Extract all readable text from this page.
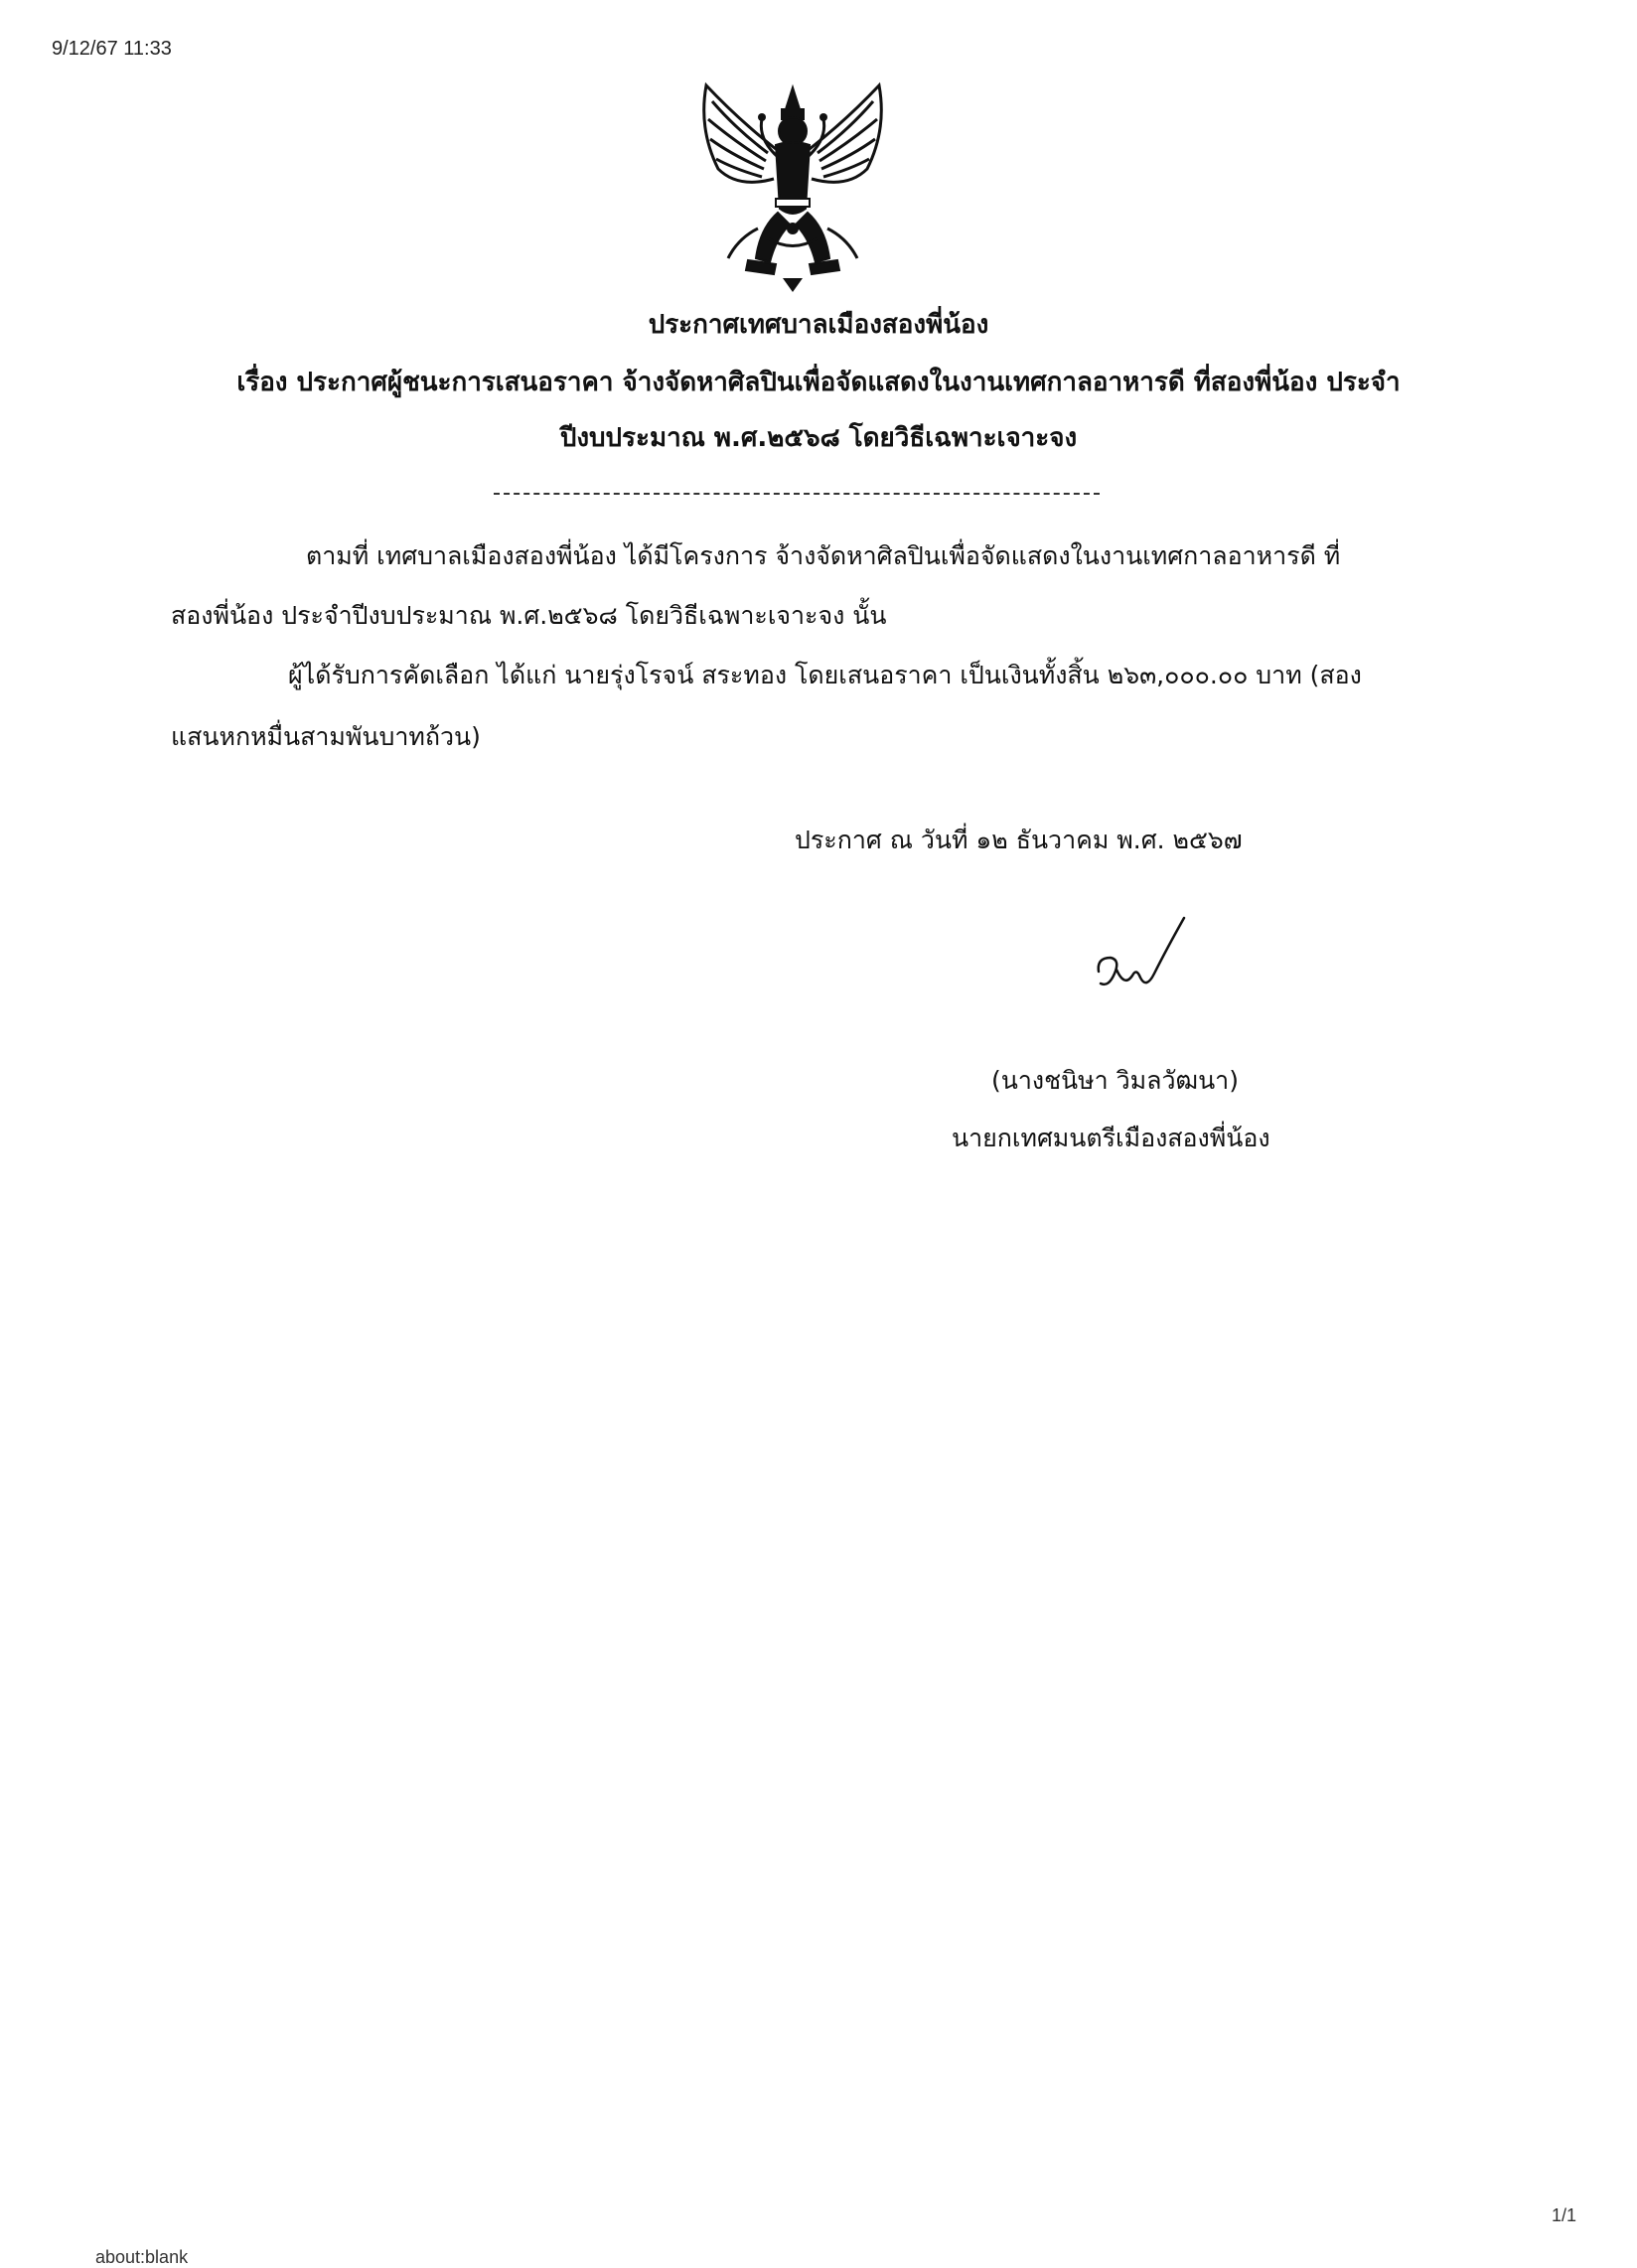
9/12/67 11:33
ประกาศเทศบาลเมืองสองพี่น้อง
เรื่อง ประกาศผู้ชนะการเสนอราคา จ้างจัดหาศิลปินเพื่อจัดแสดงในงานเทศกาลอาหารดี ที่สองพี่น้อง ประจำ
ปีงบประมาณ พ.ศ.๒๕๖๘ โดยวิธีเฉพาะเจาะจง
ตามที่ เทศบาลเมืองสองพี่น้อง ได้มีโครงการ จ้างจัดหาศิลปินเพื่อจัดแสดงในงานเทศกาลอาหารดี ที่
สองพี่น้อง ประจำปีงบประมาณ พ.ศ.๒๕๖๘ โดยวิธีเฉพาะเจาะจง นั้น
ผู้ได้รับการคัดเลือก ได้แก่ นายรุ่งโรจน์ สระทอง โดยเสนอราคา เป็นเงินทั้งสิ้น ๒๖๓,๐๐๐.๐๐ บาท (สอง
แสนหกหมื่นสามพันบาทถ้วน)
ประกาศ ณ วันที่ ๑๒ ธันวาคม พ.ศ. ๒๕๖๗
(นางชนิษา วิมลวัฒนา)
นายกเทศมนตรีเมืองสองพี่น้อง
1/1
about:blank
